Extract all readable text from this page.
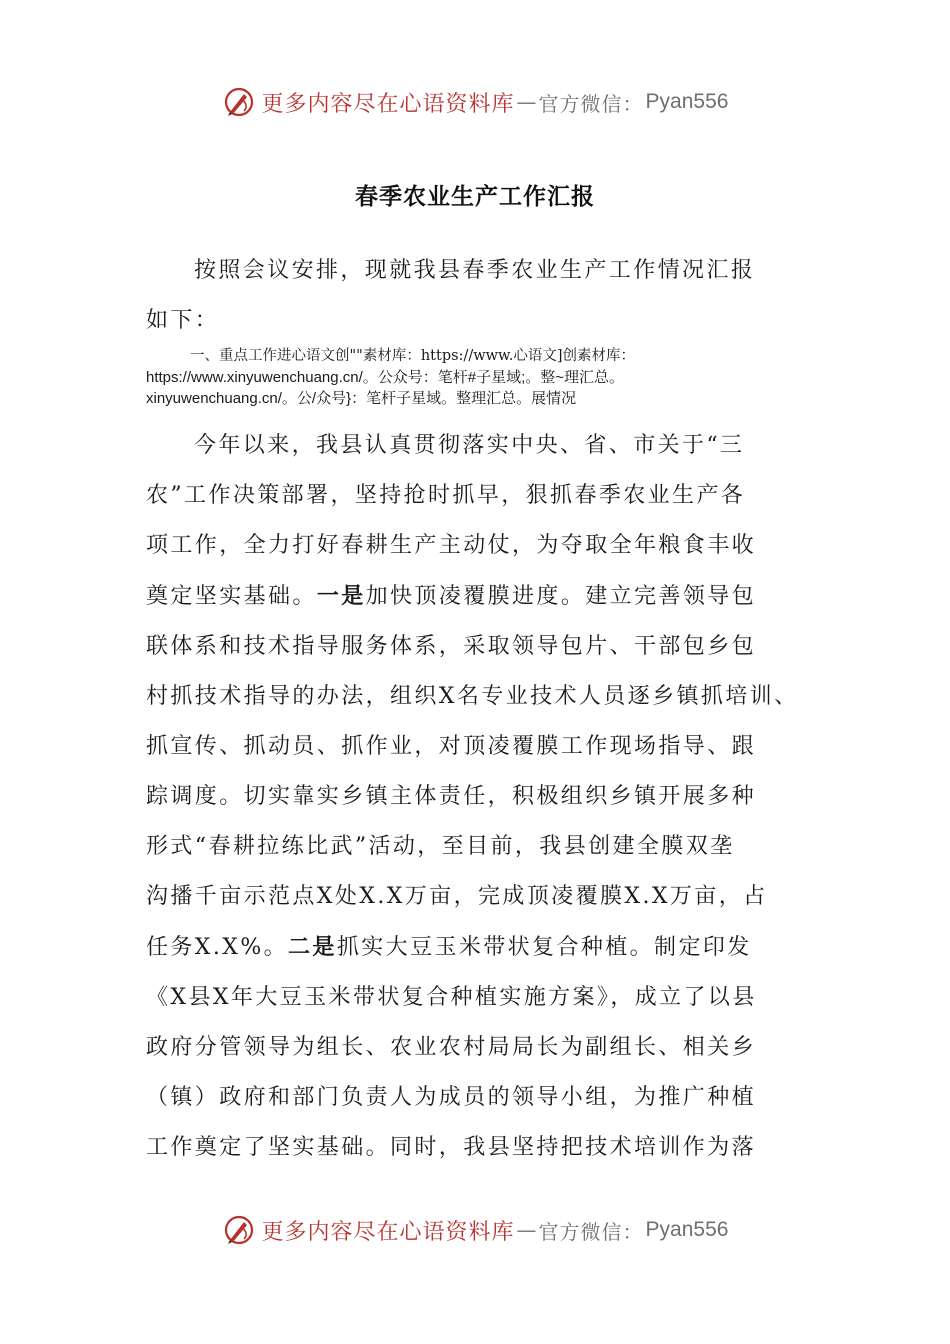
更多内容尽在心语资料库 — 官方微信： Pyan556
春季农业生产工作汇报

按照会议安排，现就我县春季农业生产工作情况汇报
如下：

一、重点工作进心语文创""素材库：https://www.心语文]创素材库：
https://www.xinyuwenchuang.cn/。公众号：笔杆#子星域;。整~理汇总。
xinyuwenchuang.cn/。公/众号}：笔杆子星域。整理汇总。展情况

今年以来，我县认真贯彻落实中央、省、市关于“三
农”工作决策部署，坚持抢时抓早，狠抓春季农业生产各
项工作，全力打好春耕生产主动仗，为夺取全年粮食丰收
奠定坚实基础。一是加快顶凌覆膜进度。建立完善领导包
联体系和技术指导服务体系，采取领导包片、干部包乡包
村抓技术指导的办法，组织X名专业技术人员逐乡镇抓培训、
抓宣传、抓动员、抓作业，对顶凌覆膜工作现场指导、跟
踪调度。切实靠实乡镇主体责任，积极组织乡镇开展多种
形式“春耕拉练比武”活动，至目前，我县创建全膜双垄
沟播千亩示范点X处X.X万亩，完成顶凌覆膜X.X万亩，占
任务X.X%。二是抓实大豆玉米带状复合种植。制定印发
《X县X年大豆玉米带状复合种植实施方案》，成立了以县
政府分管领导为组长、农业农村局局长为副组长、相关乡
（镇）政府和部门负责人为成员的领导小组，为推广种植
工作奠定了坚实基础。同时，我县坚持把技术培训作为落

更多内容尽在心语资料库 — 官方微信： Pyan556
